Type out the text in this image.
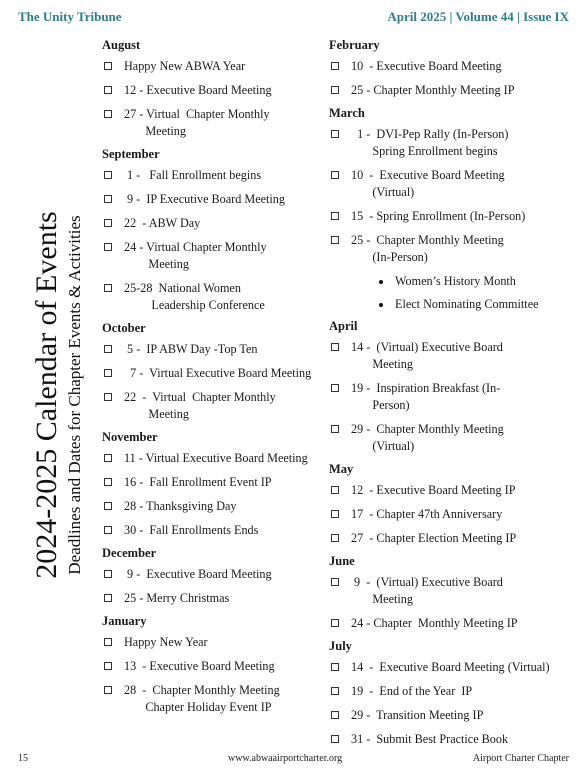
The Unity Tribune	April 2025 | Volume 44 | Issue IX
2024-2025 Calendar of Events Deadlines and Dates for Chapter Events & Activities
August
Happy New ABWA Year
12 - Executive Board Meeting
27 - Virtual  Chapter Monthly
Meeting
September
1 -   Fall Enrollment begins
9 -  IP Executive Board Meeting
22  - ABW Day
24 - Virtual Chapter Monthly
Meeting
25-28  National Women
Leadership Conference
October
5 -  IP ABW Day -Top Ten
7 -  Virtual Executive Board Meeting
22  -  Virtual  Chapter Monthly
Meeting
November
11 - Virtual Executive Board Meeting
16 -  Fall Enrollment Event IP
28 - Thanksgiving Day
30 -  Fall Enrollments Ends
December
9 -  Executive Board Meeting
25 - Merry Christmas
January
Happy New Year
13  - Executive Board Meeting
28  -  Chapter Monthly Meeting
Chapter Holiday Event IP
February
10  - Executive Board Meeting
25 - Chapter Monthly Meeting IP
March
1 -  DVI-Pep Rally (In-Person)
Spring Enrollment begins
10  -  Executive Board Meeting
(Virtual)
15  - Spring Enrollment (In-Person)
25 -  Chapter Monthly Meeting
(In-Person)
Women’s History Month
Elect Nominating Committee
April
14 -  (Virtual) Executive Board
Meeting
19 -  Inspiration Breakfast (In-
Person)
29 -  Chapter Monthly Meeting
(Virtual)
May
12  - Executive Board Meeting IP
17  - Chapter 47th Anniversary
27  - Chapter Election Meeting IP
June
9  -  (Virtual) Executive Board
Meeting
24 - Chapter  Monthly Meeting IP
July
14  -  Executive Board Meeting (Virtual)
19  -  End of the Year  IP
29 -  Transition Meeting IP
31 -  Submit Best Practice Book
15	www.abwaairportcharter.org	Airport Charter Chapter
